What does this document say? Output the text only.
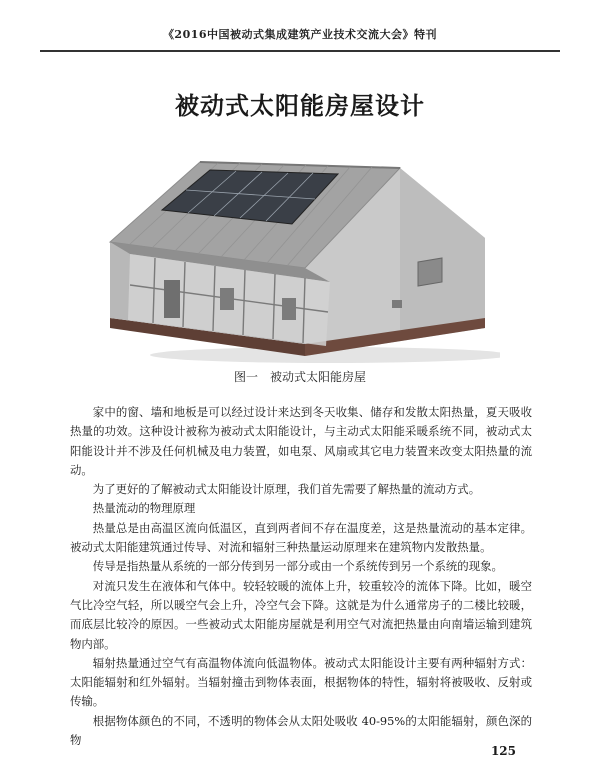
《2016中国被动式集成建筑产业技术交流大会》特刊
被动式太阳能房屋设计
图一　被动式太阳能房屋

家中的窗、墙和地板是可以经过设计来达到冬天收集、储存和发散太阳热量，夏天吸收热量的功效。这种设计被称为被动式太阳能设计，与主动式太阳能采暖系统不同，被动式太阳能设计并不涉及任何机械及电力装置，如电泵、风扇或其它电力装置来改变太阳热量的流动。

为了更好的了解被动式太阳能设计原理，我们首先需要了解热量的流动方式。

热量流动的物理原理

热量总是由高温区流向低温区，直到两者间不存在温度差，这是热量流动的基本定律。被动式太阳能建筑通过传导、对流和辐射三种热量运动原理来在建筑物内发散热量。

传导是指热量从系统的一部分传到另一部分或由一个系统传到另一个系统的现象。

对流只发生在液体和气体中。较轻较暖的流体上升，较重较冷的流体下降。比如，暖空气比冷空气轻，所以暖空气会上升，冷空气会下降。这就是为什么通常房子的二楼比较暖，而底层比较冷的原因。一些被动式太阳能房屋就是利用空气对流把热量由向南墙运输到建筑物内部。

辐射热量通过空气有高温物体流向低温物体。被动式太阳能设计主要有两种辐射方式：太阳能辐射和红外辐射。当辐射撞击到物体表面，根据物体的特性，辐射将被吸收、反射或传输。

根据物体颜色的不同，不透明的物体会从太阳处吸收 40-95%的太阳能辐射，颜色深的物

125
